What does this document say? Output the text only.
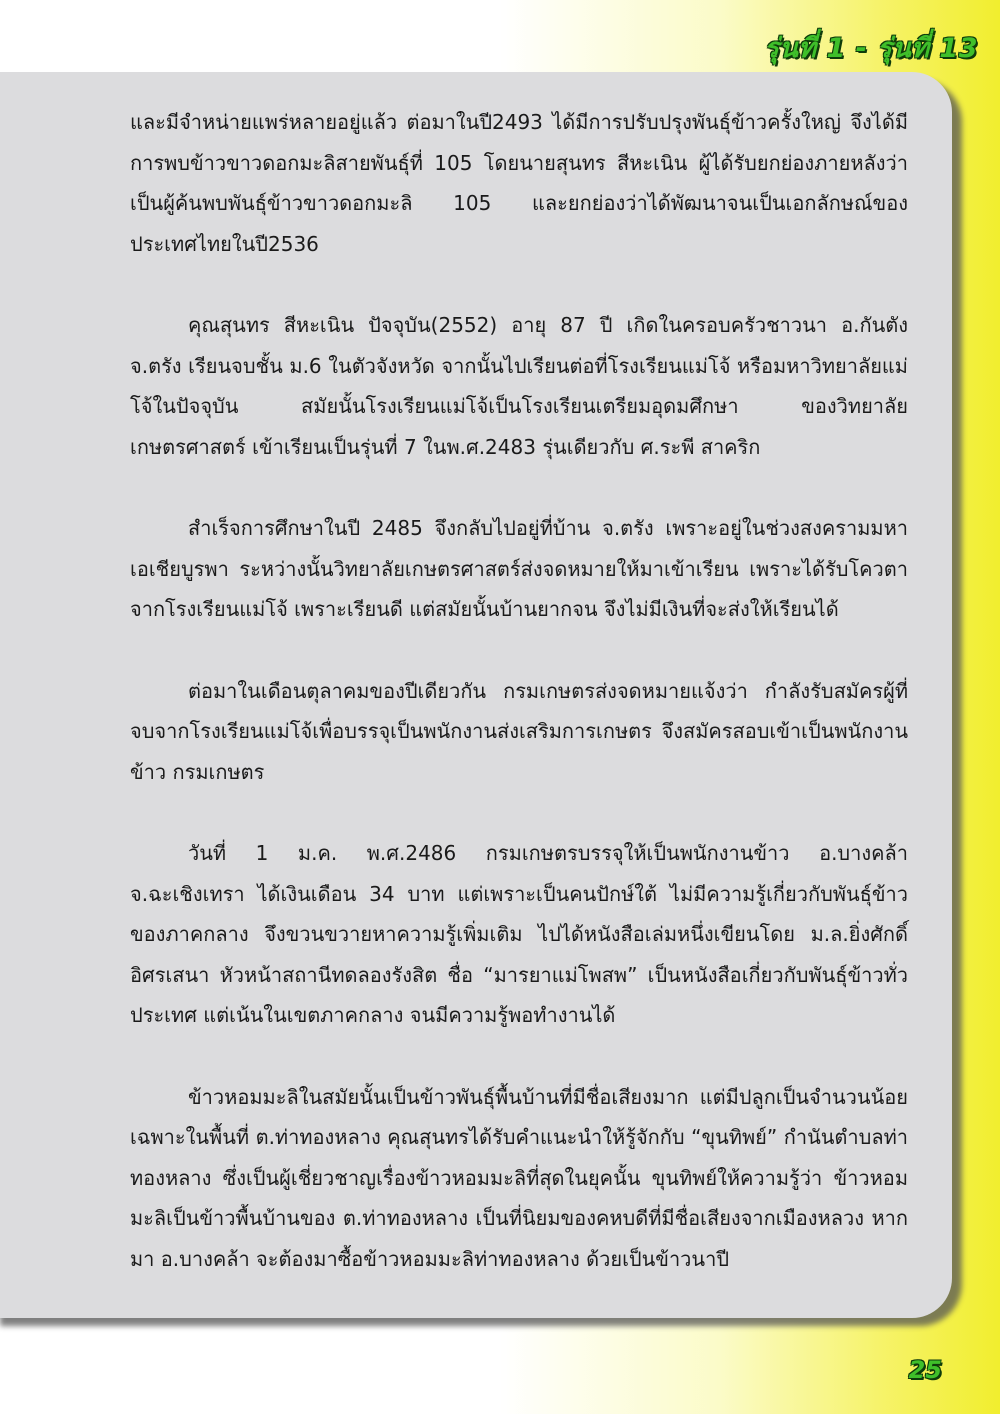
รุ่นที่ 1 - รุ่นที่ 13

และมีจำหน่ายแพร่หลายอยู่แล้ว ต่อมาในปี2493 ได้มีการปรับปรุงพันธุ์ข้าวครั้งใหญ่ จึงได้มีการพบข้าวขาวดอกมะลิสายพันธุ์ที่ 105 โดยนายสุนทร สีหะเนิน ผู้ได้รับยกย่องภายหลังว่าเป็นผู้ค้นพบพันธุ์ข้าวขาวดอกมะลิ 105 และยกย่องว่าได้พัฒนาจนเป็นเอกลักษณ์ของประเทศไทยในปี2536

คุณสุนทร สีหะเนิน ปัจจุบัน(2552) อายุ 87 ปี เกิดในครอบครัวชาวนา อ.กันตัง จ.ตรัง เรียนจบชั้น ม.6 ในตัวจังหวัด จากนั้นไปเรียนต่อที่โรงเรียนแม่โจ้ หรือมหาวิทยาลัยแม่โจ้ในปัจจุบัน สมัยนั้นโรงเรียนแม่โจ้เป็นโรงเรียนเตรียมอุดมศึกษา ของวิทยาลัยเกษตรศาสตร์ เข้าเรียนเป็นรุ่นที่ 7 ในพ.ศ.2483 รุ่นเดียวกับ ศ.ระพี สาคริก

สำเร็จการศึกษาในปี 2485 จึงกลับไปอยู่ที่บ้าน จ.ตรัง เพราะอยู่ในช่วงสงครามมหาเอเชียบูรพา ระหว่างนั้นวิทยาลัยเกษตรศาสตร์ส่งจดหมายให้มาเข้าเรียน เพราะได้รับโควตาจากโรงเรียนแม่โจ้ เพราะเรียนดี แต่สมัยนั้นบ้านยากจน จึงไม่มีเงินที่จะส่งให้เรียนได้

ต่อมาในเดือนตุลาคมของปีเดียวกัน กรมเกษตรส่งจดหมายแจ้งว่า กำลังรับสมัครผู้ที่จบจากโรงเรียนแม่โจ้เพื่อบรรจุเป็นพนักงานส่งเสริมการเกษตร จึงสมัครสอบเข้าเป็นพนักงานข้าว กรมเกษตร

วันที่ 1 ม.ค. พ.ศ.2486 กรมเกษตรบรรจุให้เป็นพนักงานข้าว อ.บางคล้า จ.ฉะเชิงเทรา ได้เงินเดือน 34 บาท แต่เพราะเป็นคนปักษ์ใต้ ไม่มีความรู้เกี่ยวกับพันธุ์ข้าวของภาคกลาง จึงขวนขวายหาความรู้เพิ่มเติม ไปได้หนังสือเล่มหนึ่งเขียนโดย ม.ล.ยิ่งศักดิ์ อิศรเสนา หัวหน้าสถานีทดลองรังสิต ชื่อ “มารยาแม่โพสพ” เป็นหนังสือเกี่ยวกับพันธุ์ข้าวทั่วประเทศ แต่เน้นในเขตภาคกลาง จนมีความรู้พอทำงานได้

ข้าวหอมมะลิในสมัยนั้นเป็นข้าวพันธุ์พื้นบ้านที่มีชื่อเสียงมาก แต่มีปลูกเป็นจำนวนน้อย เฉพาะในพื้นที่ ต.ท่าทองหลาง คุณสุนทรได้รับคำแนะนำให้รู้จักกับ “ขุนทิพย์” กำนันตำบลท่าทองหลาง ซึ่งเป็นผู้เชี่ยวชาญเรื่องข้าวหอมมะลิที่สุดในยุคนั้น ขุนทิพย์ให้ความรู้ว่า ข้าวหอมมะลิเป็นข้าวพื้นบ้านของ ต.ท่าทองหลาง เป็นที่นิยมของคหบดีที่มีชื่อเสียงจากเมืองหลวง หากมา อ.บางคล้า จะต้องมาซื้อข้าวหอมมะลิท่าทองหลาง ด้วยเป็นข้าวนาปี

25
